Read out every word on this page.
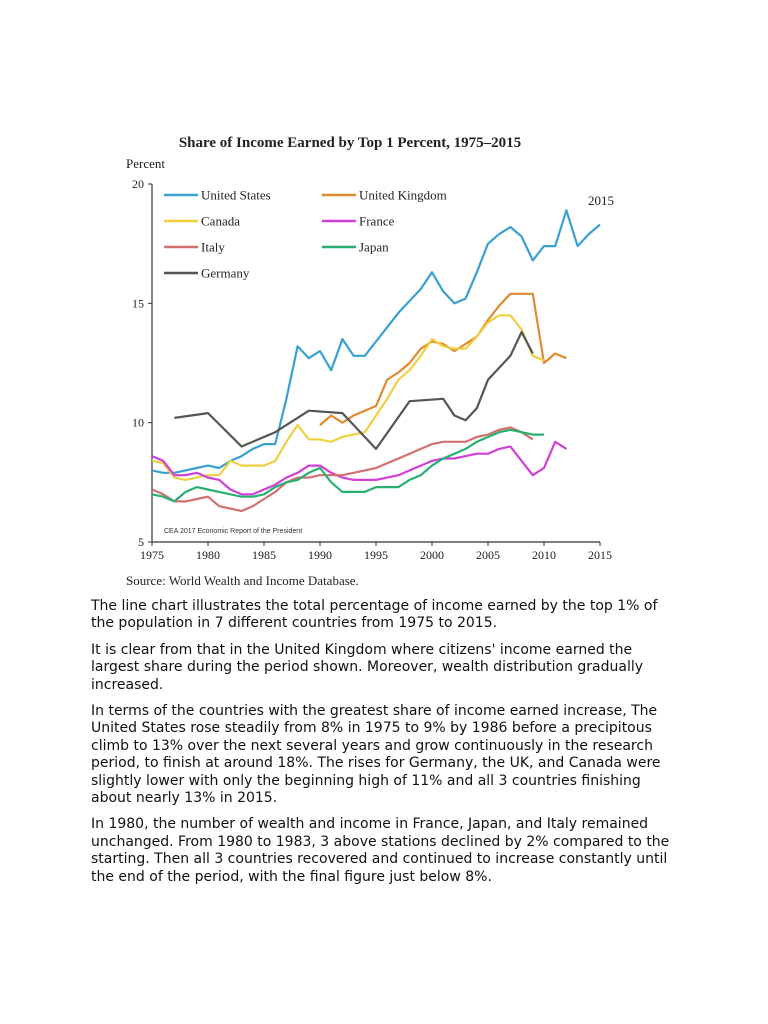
Share of Income Earned by Top 1 Percent, 1975–2015
Percent
5
10
15
20
1975	1980	1985	1990	1995	2000	2005	2010	2015
United States	United Kingdom
Canada	France
Italy	Japan
Germany
2015
CEA 2017 Economic Report of the President
Source: World Wealth and Income Database.

The line chart illustrates the total percentage of income earned by the top 1% of the population in 7 different countries from 1975 to 2015.

It is clear from that in the United Kingdom where citizens' income earned the largest share during the period shown. Moreover, wealth distribution gradually increased.

In terms of the countries with the greatest share of income earned increase, The United States rose steadily from 8% in 1975 to 9% by 1986 before a precipitous climb to 13% over the next several years and grow continuously in the research period, to finish at around 18%. The rises for Germany, the UK, and Canada were slightly lower with only the beginning high of 11% and all 3 countries finishing about nearly 13% in 2015.

In 1980, the number of wealth and income in France, Japan, and Italy remained unchanged. From 1980 to 1983, 3 above stations declined by 2% compared to the starting. Then all 3 countries recovered and continued to increase constantly until the end of the period, with the final figure just below 8%.
